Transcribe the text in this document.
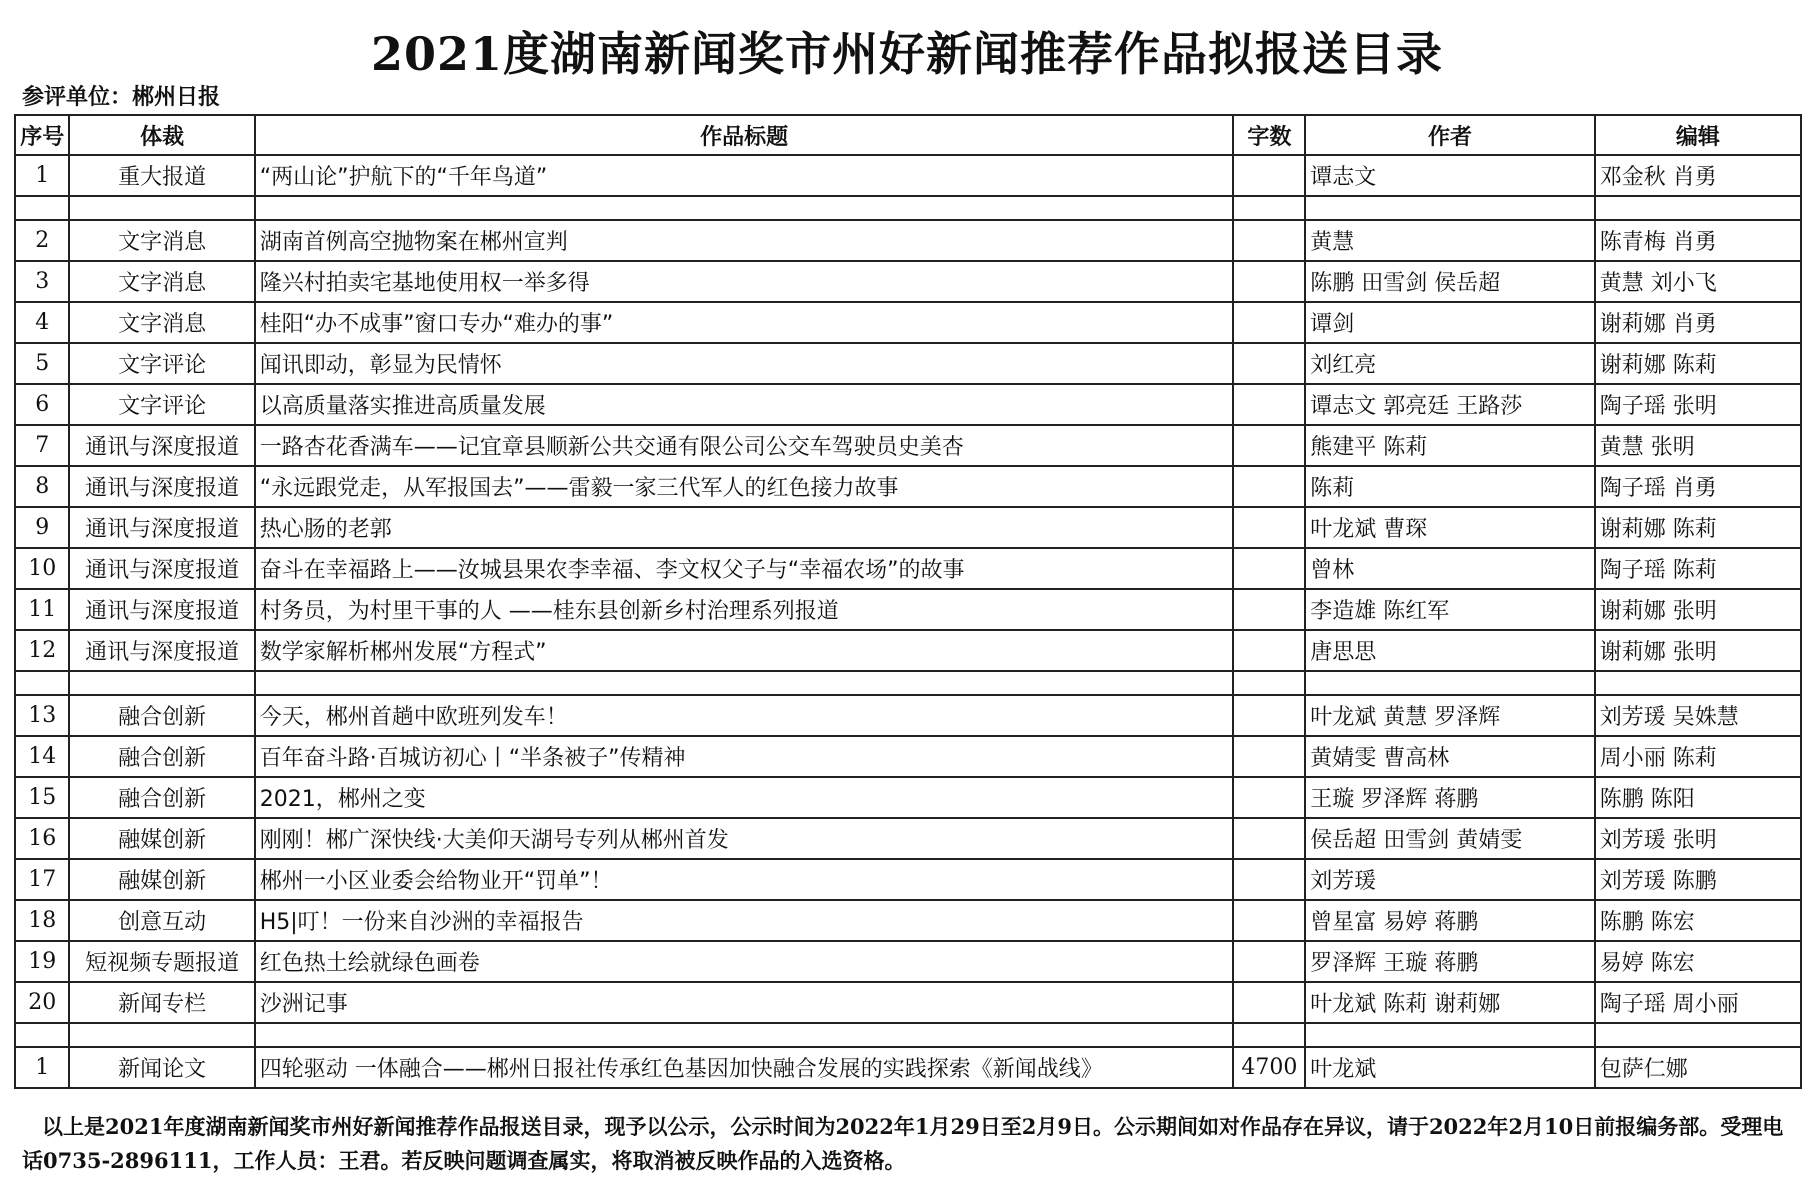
2021度湖南新闻奖市州好新闻推荐作品拟报送目录
参评单位：郴州日报
序号	体裁	作品标题	字数	作者	编辑
1	重大报道	“两山论”护航下的“千年鸟道”		谭志文	邓金秋 肖勇

2	文字消息	湖南首例高空抛物案在郴州宣判		黄慧	陈青梅 肖勇
3	文字消息	隆兴村拍卖宅基地使用权一举多得		陈鹏 田雪剑 侯岳超	黄慧 刘小飞
4	文字消息	桂阳“办不成事”窗口专办“难办的事”		谭剑	谢莉娜 肖勇
5	文字评论	闻讯即动，彰显为民情怀		刘红亮	谢莉娜 陈莉
6	文字评论	以高质量落实推进高质量发展		谭志文 郭亮廷 王路莎	陶子瑶 张明
7	通讯与深度报道	一路杏花香满车——记宜章县顺新公共交通有限公司公交车驾驶员史美杏		熊建平 陈莉	黄慧 张明
8	通讯与深度报道	“永远跟党走，从军报国去”——雷毅一家三代军人的红色接力故事		陈莉	陶子瑶 肖勇
9	通讯与深度报道	热心肠的老郭		叶龙斌 曹琛	谢莉娜 陈莉
10	通讯与深度报道	奋斗在幸福路上——汝城县果农李幸福、李文权父子与“幸福农场”的故事		曾林	陶子瑶 陈莉
11	通讯与深度报道	村务员，为村里干事的人 ——桂东县创新乡村治理系列报道		李造雄 陈红军	谢莉娜 张明
12	通讯与深度报道	数学家解析郴州发展“方程式”		唐思思	谢莉娜 张明

13	融合创新	今天，郴州首趟中欧班列发车！		叶龙斌 黄慧 罗泽辉	刘芳瑗 吴姝慧
14	融合创新	百年奋斗路·百城访初心丨“半条被子”传精神		黄婧雯 曹高林	周小丽 陈莉
15	融合创新	2021，郴州之变		王璇 罗泽辉 蒋鹏	陈鹏 陈阳
16	融媒创新	刚刚！郴广深快线·大美仰天湖号专列从郴州首发		侯岳超 田雪剑 黄婧雯	刘芳瑗 张明
17	融媒创新	郴州一小区业委会给物业开“罚单”！		刘芳瑗	刘芳瑗 陈鹏
18	创意互动	H5|叮！一份来自沙洲的幸福报告		曾星富 易婷 蒋鹏	陈鹏 陈宏
19	短视频专题报道	红色热土绘就绿色画卷		罗泽辉 王璇 蒋鹏	易婷 陈宏
20	新闻专栏	沙洲记事		叶龙斌 陈莉 谢莉娜	陶子瑶 周小丽

1	新闻论文	四轮驱动 一体融合——郴州日报社传承红色基因加快融合发展的实践探索《新闻战线》	4700	叶龙斌	包萨仁娜
以上是2021年度湖南新闻奖市州好新闻推荐作品报送目录，现予以公示，公示时间为2022年1月29日至2月9日。公示期间如对作品存在异议，请于2022年2月10日前报编务部。受理电话0735-2896111，工作人员：王君。若反映问题调查属实，将取消被反映作品的入选资格。
